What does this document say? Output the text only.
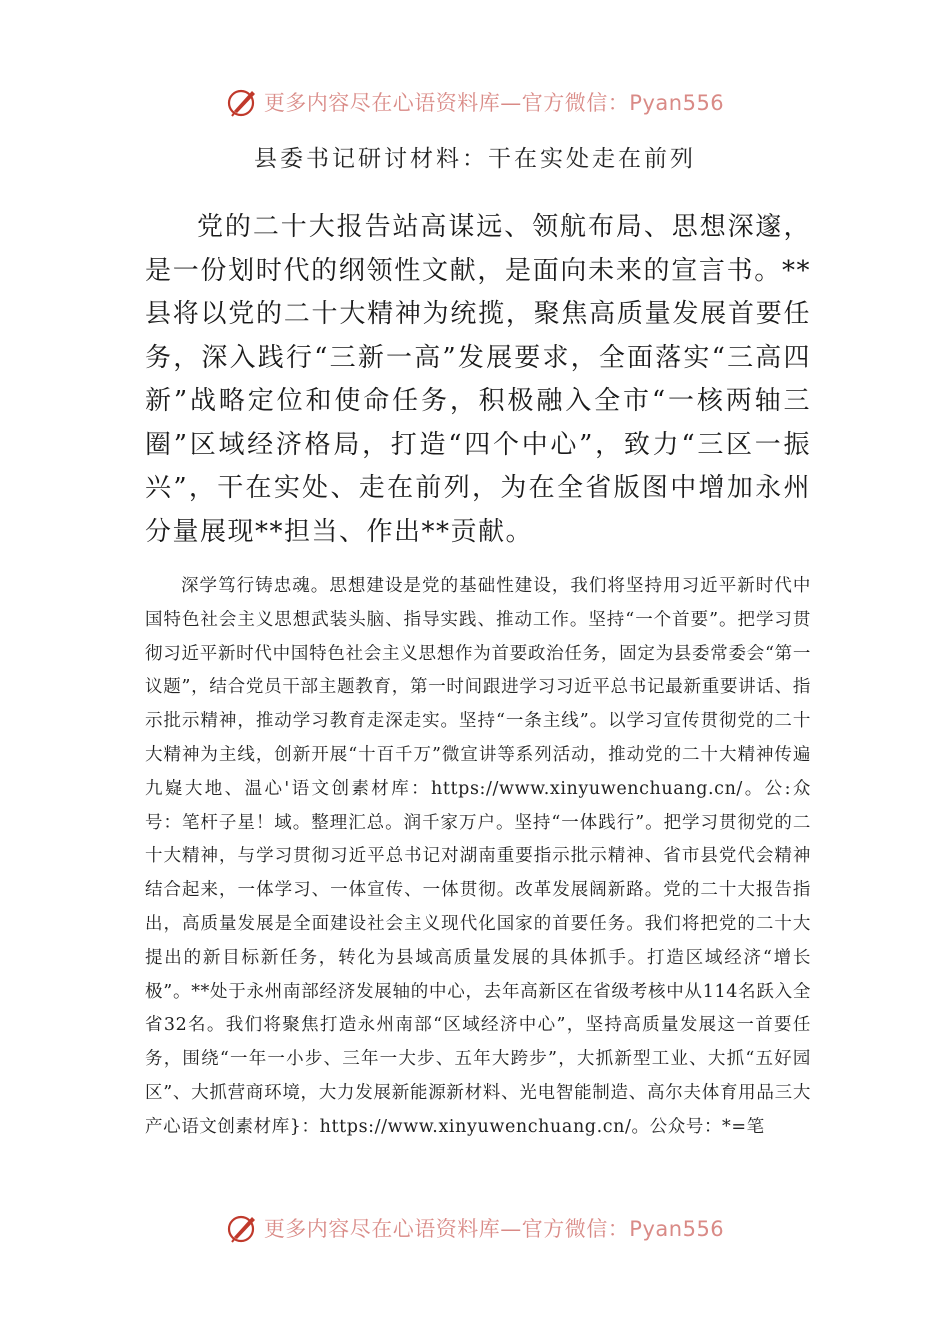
更多内容尽在心语资料库—官方微信：Pyan556
县委书记研讨材料：干在实处走在前列

党的二十大报告站高谋远、领航布局、思想深邃，是一份划时代的纲领性文献，是面向未来的宣言书。**县将以党的二十大精神为统揽，聚焦高质量发展首要任务，深入践行“三新一高”发展要求，全面落实“三高四新”战略定位和使命任务，积极融入全市“一核两轴三圈”区域经济格局，打造“四个中心”，致力“三区一振兴”，干在实处、走在前列，为在全省版图中增加永州分量展现**担当、作出**贡献。

深学笃行铸忠魂。思想建设是党的基础性建设，我们将坚持用习近平新时代中国特色社会主义思想武装头脑、指导实践、推动工作。坚持“一个首要”。把学习贯彻习近平新时代中国特色社会主义思想作为首要政治任务，固定为县委常委会“第一议题”，结合党员干部主题教育，第一时间跟进学习习近平总书记最新重要讲话、指示批示精神，推动学习教育走深走实。坚持“一条主线”。以学习宣传贯彻党的二十大精神为主线，创新开展“十百千万”微宣讲等系列活动，推动党的二十大精神传遍九嶷大地、温心'语文创素材库：https://www.xinyuwenchuang.cn/。公:众号：笔杆子星！域。整理汇总。润千家万户。坚持“一体践行”。把学习贯彻党的二十大精神，与学习贯彻习近平总书记对湖南重要指示批示精神、省市县党代会精神结合起来，一体学习、一体宣传、一体贯彻。改革发展阔新路。党的二十大报告指出，高质量发展是全面建设社会主义现代化国家的首要任务。我们将把党的二十大提出的新目标新任务，转化为县域高质量发展的具体抓手。打造区域经济“增长极”。**处于永州南部经济发展轴的中心，去年高新区在省级考核中从114名跃入全省32名。我们将聚焦打造永州南部“区域经济中心”，坚持高质量发展这一首要任务，围绕“一年一小步、三年一大步、五年大跨步”，大抓新型工业、大抓“五好园区”、大抓营商环境，大力发展新能源新材料、光电智能制造、高尔夫体育用品三大产心语文创素材库}：https://www.xinyuwenchuang.cn/。公众号：*=笔

更多内容尽在心语资料库—官方微信：Pyan556
